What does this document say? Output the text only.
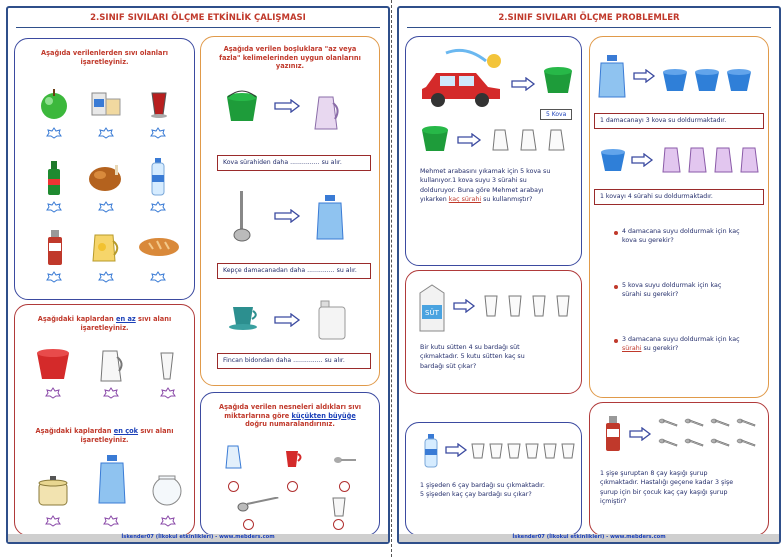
2.SINIF SIVILARI ÖLÇME ETKİNLİK ÇALIŞMASI
Aşağıda verilenlerden sıvı olanları
işaretleyiniz.
Aşağıda verilen boşluklara "az veya
fazla" kelimelerinden uygun olanlarını
yazınız.
Kova sürahiden daha ............... su alır.
Kepçe damacanadan daha .............. su alır.
Fincan bidondan daha ............... su alır.
Aşağıdaki kaplardan en az sıvı alanı
işaretleyiniz.
Aşağıdaki kaplardan en çok sıvı alanı
işaretleyiniz.
Aşağıda verilen nesneleri aldıkları sıvı
miktarlarına göre küçükten büyüğe
doğru numaralandırınız.
İskender07 (İlkokul etkinlikleri) - www.mebders.com
2.SINIF SIVILARI ÖLÇME PROBLEMLER
5 Kova
Mehmet arabasını yıkamak için 5 kova su
kullanıyor.1 kova suyu 3 sürahi su
dolduruyor. Buna göre Mehmet arabayı
yıkarken kaç sürahi su kullanmıştır?
1 damacanayı 3 kova su doldurmaktadır.
1 kovayı 4 sürahi su doldurmaktadır.
4 damacana suyu doldurmak için kaç
kova su gerekir?
5 kova suyu doldurmak için kaç
sürahi su gerekir?
3 damacana suyu doldurmak için kaç
sürahi su gerekir?
SÜT
Bir kutu sütten 4 su bardağı süt
çıkmaktadır. 5 kutu sütten kaç su
bardağı süt çıkar?
1 şişeden 6 çay bardağı su çıkmaktadır.
5 şişeden kaç çay bardağı su çıkar?
1 şişe şuruptan 8 çay kaşığı şurup
çıkmaktadır. Hastalığı geçene kadar 3 şişe
şurup için bir çocuk kaç çay kaşığı şurup
içmiştir?
İskender07 (İlkokul etkinlikleri) - www.mebders.com
